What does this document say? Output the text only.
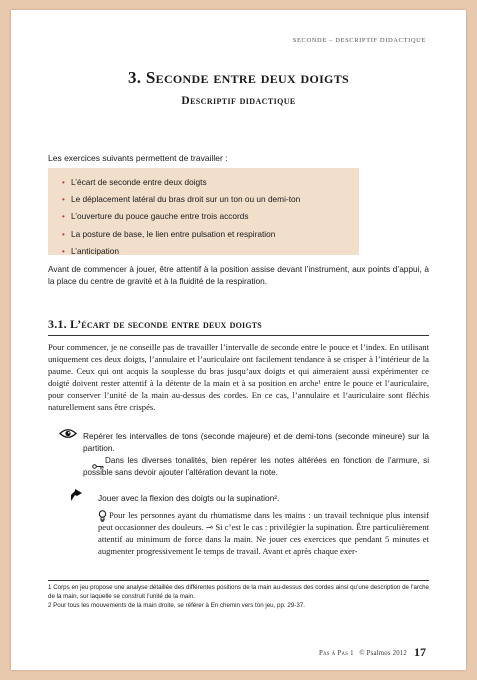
SECONDE – DESCRIPTIF DIDACTIQUE
3. Seconde entre deux doigts
Descriptif didactique
Les exercices suivants permettent de travailler :
• L’écart de seconde entre deux doigts
• Le déplacement latéral du bras droit sur un ton ou un demi-ton
• L’ouverture du pouce gauche entre trois accords
• La posture de base, le lien entre pulsation et respiration
• L’anticipation
Avant de commencer à jouer, être attentif à la position assise devant l’instrument, aux points d’appui, à la place du centre de gravité et à la fluidité de la respiration.
3.1. L’écart de seconde entre deux doigts
Pour commencer, je ne conseille pas de travailler l’intervalle de seconde entre le pouce et l’index. En utilisant uniquement ces deux doigts, l’annulaire et l’auriculaire ont facilement tendance à se crisper à l’intérieur de la paume. Ceux qui ont acquis la souplesse du bras jusqu’aux doigts et qui aimeraient aussi expérimenter ce doigté doivent rester attentif à la détente de la main et à sa position en arche¹ entre le pouce et l’auriculaire, pour conserver l’unité de la main au-dessus des cordes. En ce cas, l’annulaire et l’auriculaire sont fléchis naturellement sans être crispés.
Repérer les intervalles de tons (seconde majeure) et de demi-tons (seconde mineure) sur la partition.
Dans les diverses tonalités, bien repérer les notes altérées en fonction de l’armure, si possible sans devoir ajouter l’altération devant la note.
Jouer avec la flexion des doigts ou la supination².
Pour les personnes ayant du rhumatisme dans les mains : un travail technique plus intensif peut occasionner des douleurs. ⊸ Si c’est le cas : privilégier la supination. Être particulièrement attentif au minimum de force dans la main. Ne jouer ces exercices que pendant 5 minutes et augmenter progressivement le temps de travail. Avant et après chaque exer-
1 Corps en jeu propose une analyse détaillée des différentes positions de la main au-dessus des cordes ainsi qu’une description de l’arche de la main, sur laquelle se construit l’unité de la main.
2 Pour tous les mouvements de la main droite, se référer à En chemin vers ton jeu, pp. 29-37.
Pas à Pas 1 © Psalmos 2012 17
